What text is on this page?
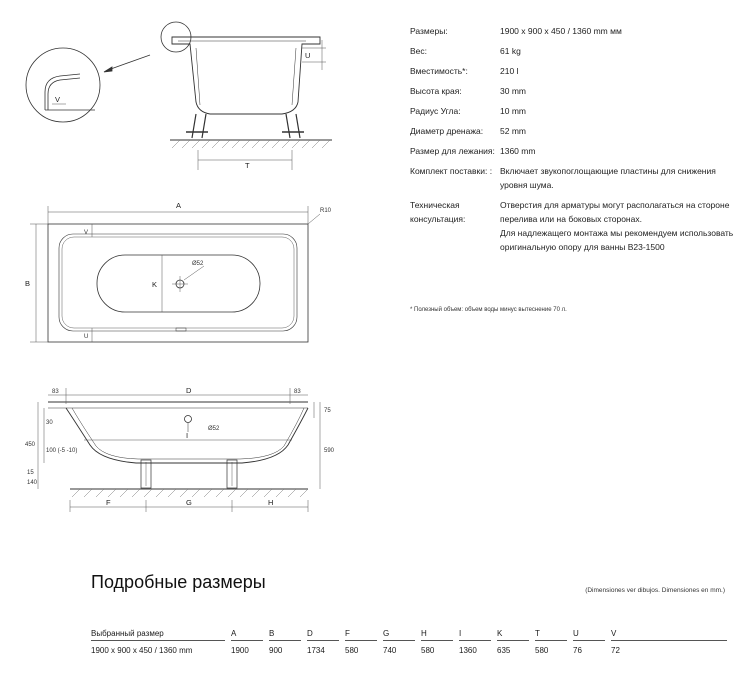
T
U
V
A
B	K
V
U
R10
Ø52
D
I
F	G	H
Ø52
83	83
75
590
450
30
100 (-5 -10)
140
15
Размеры:	1900 x 900 x 450 / 1360 mm мм
Вес:	61 kg
Вместимость*:	210 l
Высота края:	30 mm
Радиус Угла:	10 mm
Диаметр дренажа:	52 mm
Размер для лежания: 1360 mm
Комплект поставки: : Включает звукопоглощающие пластины для снижения уровня шума.
Техническая консультация:
Отверстия для арматуры могут располагаться на стороне перелива или на боковых сторонах.
Для надлежащего монтажа мы рекомендуем использовать оригинальную опору для ванны B23-1500
* Полезный объем: объем воды минус вытеснение 70 л.
Подробные размеры	(Dimensiones ver dibujos. Dimensiones en mm.)
Выбранный размер	A	B	D	F	G	H	I	K	T	U	V
1900 x 900 x 450 / 1360 mm	1900	900	1734	580	740	580	1360	635	580	76	72
